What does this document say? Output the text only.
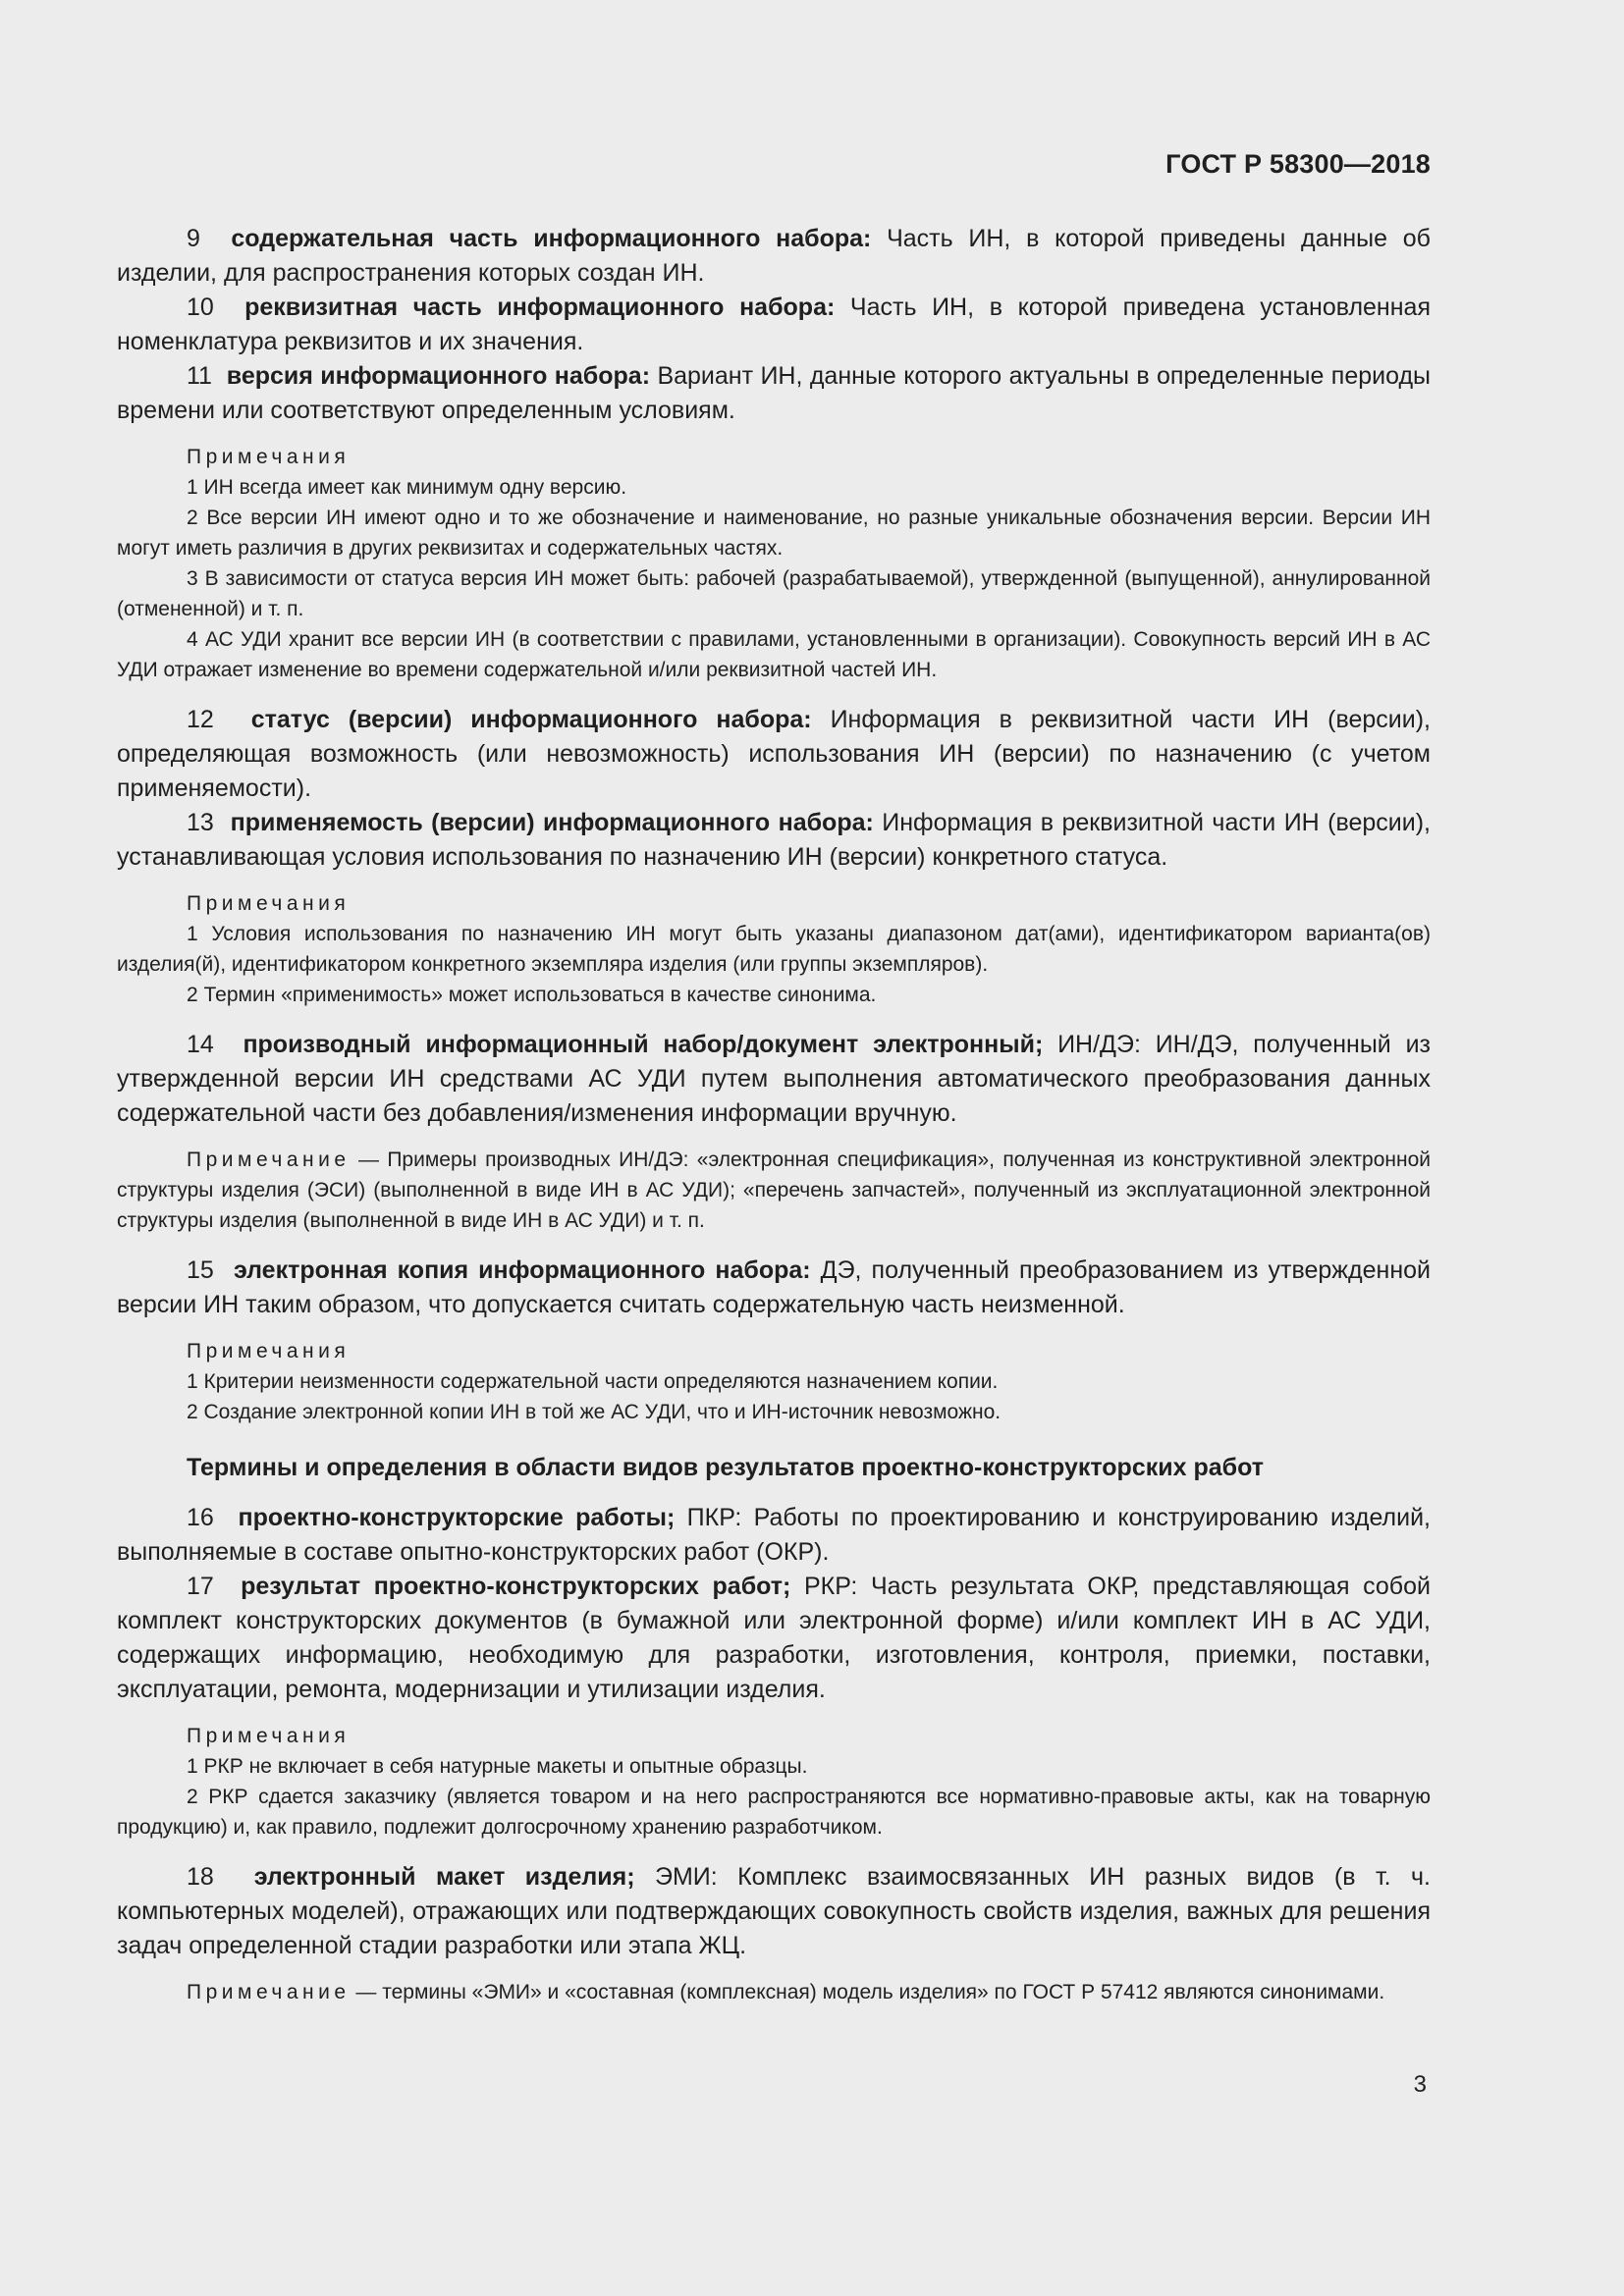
ГОСТ Р 58300—2018

9 содержательная часть информационного набора: Часть ИН, в которой приведены данные об изделии, для распространения которых создан ИН.

10 реквизитная часть информационного набора: Часть ИН, в которой приведена установленная номенклатура реквизитов и их значения.

11 версия информационного набора: Вариант ИН, данные которого актуальны в определенные периоды времени или соответствуют определенным условиям.

Примечания

1 ИН всегда имеет как минимум одну версию.

2 Все версии ИН имеют одно и то же обозначение и наименование, но разные уникальные обозначения версии. Версии ИН могут иметь различия в других реквизитах и содержательных частях.

3 В зависимости от статуса версия ИН может быть: рабочей (разрабатываемой), утвержденной (выпущенной), аннулированной (отмененной) и т. п.

4 АС УДИ хранит все версии ИН (в соответствии с правилами, установленными в организации). Совокупность версий ИН в АС УДИ отражает изменение во времени содержательной и/или реквизитной частей ИН.

12 статус (версии) информационного набора: Информация в реквизитной части ИН (версии), определяющая возможность (или невозможность) использования ИН (версии) по назначению (с учетом применяемости).

13 применяемость (версии) информационного набора: Информация в реквизитной части ИН (версии), устанавливающая условия использования по назначению ИН (версии) конкретного статуса.

Примечания

1 Условия использования по назначению ИН могут быть указаны диапазоном дат(ами), идентификатором варианта(ов) изделия(й), идентификатором конкретного экземпляра изделия (или группы экземпляров).

2 Термин «применимость» может использоваться в качестве синонима.

14 производный информационный набор/документ электронный; ИН/ДЭ: ИН/ДЭ, полученный из утвержденной версии ИН средствами АС УДИ путем выполнения автоматического преобразования данных содержательной части без добавления/изменения информации вручную.

Примечание — Примеры производных ИН/ДЭ: «электронная спецификация», полученная из конструктивной электронной структуры изделия (ЭСИ) (выполненной в виде ИН в АС УДИ); «перечень запчастей», полученный из эксплуатационной электронной структуры изделия (выполненной в виде ИН в АС УДИ) и т. п.

15 электронная копия информационного набора: ДЭ, полученный преобразованием из утвержденной версии ИН таким образом, что допускается считать содержательную часть неизменной.

Примечания

1 Критерии неизменности содержательной части определяются назначением копии.

2 Создание электронной копии ИН в той же АС УДИ, что и ИН-источник невозможно.

Термины и определения в области видов результатов проектно-конструкторских работ

16 проектно-конструкторские работы; ПКР: Работы по проектированию и конструированию изделий, выполняемые в составе опытно-конструкторских работ (ОКР).

17 результат проектно-конструкторских работ; РКР: Часть результата ОКР, представляющая собой комплект конструкторских документов (в бумажной или электронной форме) и/или комплект ИН в АС УДИ, содержащих информацию, необходимую для разработки, изготовления, контроля, приемки, поставки, эксплуатации, ремонта, модернизации и утилизации изделия.

Примечания

1 РКР не включает в себя натурные макеты и опытные образцы.

2 РКР сдается заказчику (является товаром и на него распространяются все нормативно-правовые акты, как на товарную продукцию) и, как правило, подлежит долгосрочному хранению разработчиком.

18 электронный макет изделия; ЭМИ: Комплекс взаимосвязанных ИН разных видов (в т. ч. компьютерных моделей), отражающих или подтверждающих совокупность свойств изделия, важных для решения задач определенной стадии разработки или этапа ЖЦ.

Примечание — термины «ЭМИ» и «составная (комплексная) модель изделия» по ГОСТ Р 57412 являются синонимами.

3
